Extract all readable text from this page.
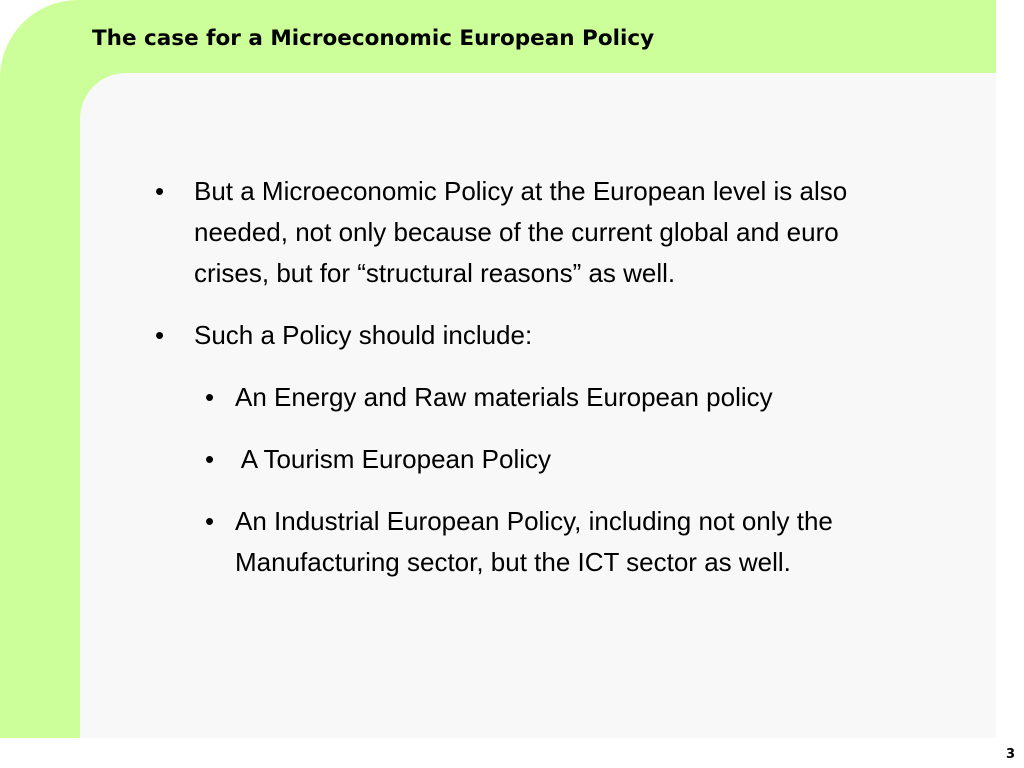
The case for a Microeconomic European Policy
• But a Microeconomic Policy at the European level is also needed, not only because of the current global and euro crises, but for “structural reasons” as well.
• Such a Policy should include:
• An Energy and Raw materials European policy
• A Tourism European Policy
• An Industrial European Policy, including not only the Manufacturing sector, but the ICT sector as well.
3
